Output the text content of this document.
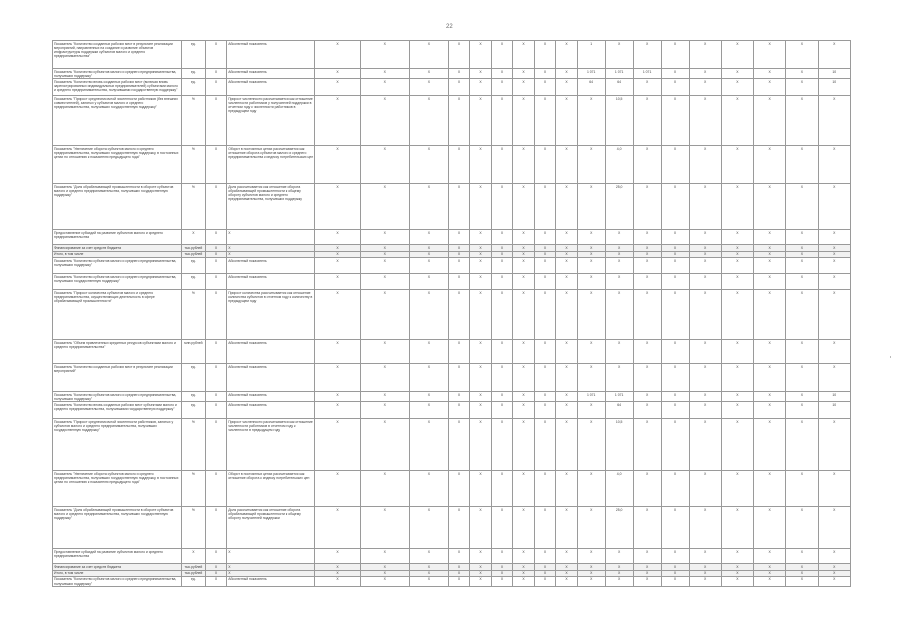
22
Показатель "Количество созданных рабочих мест в результате реализации мероприятий, направленных на создание и развитие объектов инфраструктуры поддержки субъектов малого и среднего предпринимательства"	ед.	X	Абсолютный показатель	X	X	X	X	X	X	X	X	X	1	X	X	X	X	X	X	X	X
Показатель "Количество субъектов малого и среднего предпринимательства, получивших поддержку"	ед.	X	Абсолютный показатель	X	X	X	X	X	X	X	X	X	1 071	1 071	1 071	X	X	X	X	X	10
Показатель "Количество вновь созданных рабочих мест (включая вновь зарегистрированных индивидуальных предпринимателей) субъектами малого и среднего предпринимательства, получившими государственную поддержку"	ед.	X	Абсолютный показатель	X	X	X	X	X	X	X	X	X	64	64	X	X	X	X	X	X	10
Показатель "Прирост среднесписочной численности работников (без внешних совместителей), занятых у субъектов малого и среднего предпринимательства, получивших государственную поддержку"	%	X	Прирост численности рассчитывается как отношение численности работников у получателей поддержки в отчетном году к численности работников в предыдущем году	X	X	X	X	X	X	X	X	X	X	10,5	X	X	X	X	X	X	X
Показатель "Увеличение оборота субъектов малого и среднего предпринимательства, получивших государственную поддержку, в постоянных ценах по отношению к показателю предыдущего года"	%	X	Оборот в постоянных ценах рассчитывается как отношение оборота субъектов малого и среднего предпринимательства к индексу потребительских цен	X	X	X	X	X	X	X	X	X	X	4,0	X	X	X	X	X	X	X
Показатель "Доля обрабатывающей промышленности в обороте субъектов малого и среднего предпринимательства, получивших государственную поддержку"	%	X	Доля рассчитывается как отношение оборота обрабатывающей промышленности к общему обороту субъектов малого и среднего предпринимательства, получивших поддержку	X	X	X	X	X	X	X	X	X	X	25,0	X	X	X	X	X	X	X
Предоставление субсидий на развитие субъектов малого и среднего предпринимательства	X	X	X	X	X	X	X	X	X	X	X	X	X	X	X	X	X	X	X	X	X
Финансирование за счет средств бюджета	тыс.рублей	X	X	X	X	X	X	X	X	X	X	X	X	X	X	X	X	X	X	X	X
Итого, в том числе	тыс.рублей	X	X	X	X	X	X	X	X	X	X	X	X	X	X	X	X	X	X	X	X
Показатель "Количество субъектов малого и среднего предпринимательства, получивших поддержку"	ед.	X	Абсолютный показатель	X	X	X	X	X	X	X	X	X	X	X	X	X	X	X	X	X	X
Показатель "Количество субъектов малого и среднего предпринимательства, получивших государственную поддержку"	ед.	X	Абсолютный показатель	X	X	X	X	X	X	X	X	X	X	X	X	X	X	X	X	X	X
Показатель "Прирост количества субъектов малого и среднего предпринимательства, осуществляющих деятельность в сфере обрабатывающей промышленности"	%	X	Прирост количества рассчитывается как отношение количества субъектов в отчетном году к количеству в предыдущем году	X	X	X	X	X	X	X	X	X	X	X	X	X	X	X	X	X	X
Показатель "Объем привлеченных кредитных ресурсов субъектами малого и среднего предпринимательства"	млн.рублей	X	Абсолютный показатель	X	X	X	X	X	X	X	X	X	X	X	X	X	X	X	X	X	X
Показатель "Количество созданных рабочих мест в результате реализации мероприятий"	ед.	X	Абсолютный показатель	X	X	X	X	X	X	X	X	X	X	X	X	X	X	X	X	X	X
Показатель "Количество субъектов малого и среднего предпринимательства, получивших поддержку"	ед.	X	Абсолютный показатель	X	X	X	X	X	X	X	X	X	1 071	1 071	X	X	X	X	X	X	10
Показатель "Количество вновь созданных рабочих мест субъектами малого и среднего предпринимательства, получившими государственную поддержку"	ед.	X	Абсолютный показатель	X	X	X	X	X	X	X	X	X	X	64	X	X	X	X	X	X	10
Показатель "Прирост среднесписочной численности работников, занятых у субъектов малого и среднего предпринимательства, получивших государственную поддержку"	%	X	Прирост численности рассчитывается как отношение численности работников в отчетном году к численности в предыдущем году	X	X	X	X	X	X	X	X	X	X	10,5	X	X	X	X	X	X	X
Показатель "Увеличение оборота субъектов малого и среднего предпринимательства, получивших государственную поддержку, в постоянных ценах по отношению к показателю предыдущего года"	%	X	Оборот в постоянных ценах рассчитывается как отношение оборота к индексу потребительских цен	X	X	X	X	X	X	X	X	X	X	4,0	X	X	X	X	X	X	X
Показатель "Доля обрабатывающей промышленности в обороте субъектов малого и среднего предпринимательства, получивших государственную поддержку"	%	X	Доля рассчитывается как отношение оборота обрабатывающей промышленности к общему обороту получателей поддержки	X	X	X	X	X	X	X	X	X	X	25,0	X	X	X	X	X	X	X
Предоставление субсидий на развитие субъектов малого и среднего предпринимательства	X	X	X	X	X	X	X	X	X	X	X	X	X	X	X	X	X	X	X	X	X
Финансирование за счет средств бюджета	тыс.рублей	X	X	X	X	X	X	X	X	X	X	X	X	X	X	X	X	X	X	X	X
Итого, в том числе	тыс.рублей	X	X	X	X	X	X	X	X	X	X	X	X	X	X	X	X	X	X	X	X
Показатель "Количество субъектов малого и среднего предпринимательства, получивших поддержку"	ед.	X	Абсолютный показатель	X	X	X	X	X	X	X	X	X	X	X	X	X	X	X	X	X	X
